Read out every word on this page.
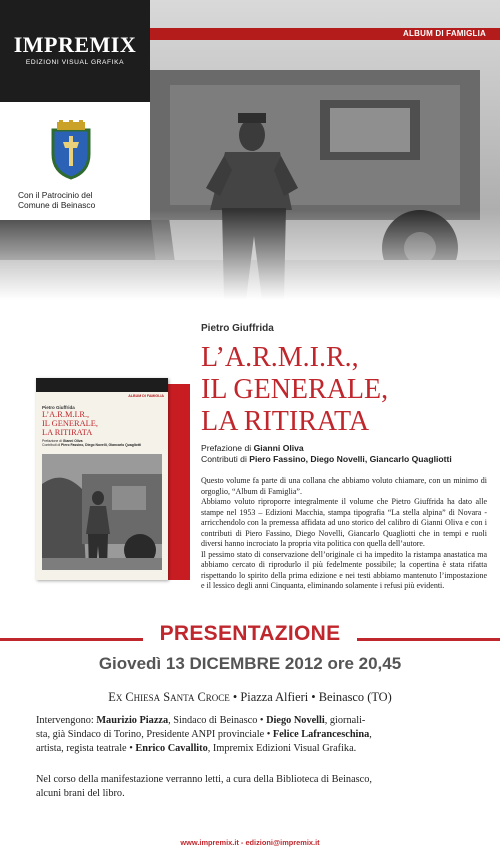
ALBUM DI FAMIGLIA
IMPREMIX
EDIZIONI VISUAL GRAFIKA
Con il Patrocinio del
Comune di Beinasco
Pietro Giuffrida
L’A.R.M.I.R.,
IL GENERALE,
LA RITIRATA
Prefazione di Gianni Oliva
Contributi di Piero Fassino, Diego Novelli, Giancarlo Quagliotti

Questo volume fa parte di una collana che abbiamo voluto chiamare, con un minimo di orgoglio, “Album di Famiglia”.

Abbiamo voluto riproporre integralmente il volume che Pietro Giuffrida ha dato alle stampe nel 1953 – Edizioni Macchia, stampa tipografia “La stella alpina” di Novara - arricchendolo con la premessa affidata ad uno storico del calibro di Gianni Oliva e con i contributi di Piero Fassino, Diego Novelli, Giancarlo Quagliotti che in tempi e ruoli diversi hanno incrociato la propria vita politica con quella dell’autore.

Il pessimo stato di conservazione dell’originale ci ha impedito la ristampa anastatica ma abbiamo cercato di riprodurlo il più fedelmente possibile; la copertina è stata rifatta rispettando lo spirito della prima edizione e nei testi abbiamo mantenuto l’impostazione e il lessico degli anni Cinquanta, eliminando solamente i refusi più evidenti.

ALBUM DI FAMIGLIA
Pietro Giuffrida
L’A.R.M.I.R.,
IL GENERALE,
LA RITIRATA
Prefazione di Gianni Oliva
Contributi di Piero Fassino, Diego Novelli, Giancarlo Quagliotti
PRESENTAZIONE
Giovedì 13 DICEMBRE 2012 ore 20,45
Ex Chiesa Santa Croce • Piazza Alfieri • Beinasco (TO)
Intervengono: Maurizio Piazza, Sindaco di Beinasco • Diego Novelli, giornali-
sta, già Sindaco di Torino, Presidente ANPI provinciale • Felice Lafranceschina,
artista, regista teatrale • Enrico Cavallito, Impremix Edizioni Visual Grafika.
Nel corso della manifestazione verranno letti, a cura della Biblioteca di Beinasco,
alcuni brani del libro.
www.impremix.it - edizioni@impremix.it
